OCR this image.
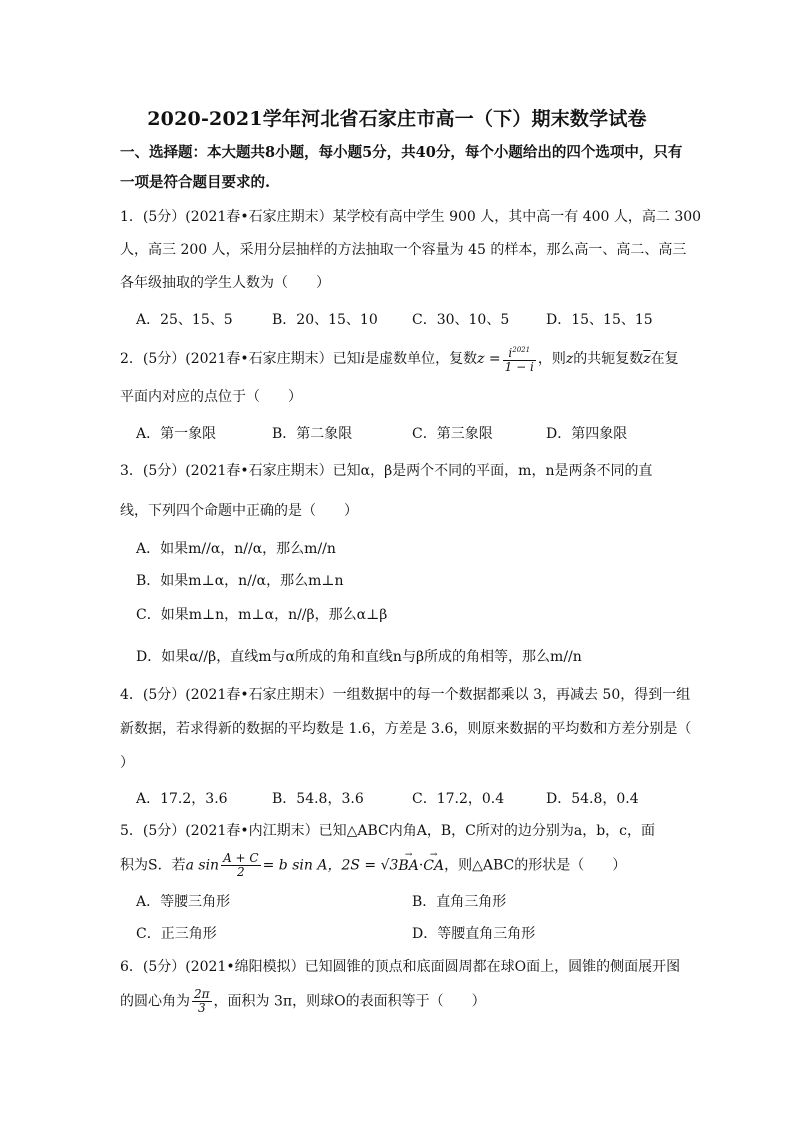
2020-2021学年河北省石家庄市高一（下）期末数学试卷
一、选择题：本大题共8小题，每小题5分，共40分，每个小题给出的四个选项中，只有
一项是符合题目要求的.
1．(5分）(2021春•石家庄期末）某学校有高中学生 900 人，其中高一有 400 人，高二 300
人，高三 200 人，采用分层抽样的方法抽取一个容量为 45 的样本，那么高一、高二、高三
各年级抽取的学生人数为（　　）
A．25、15、5	B．20、15、10 C．30、10、5	D．15、15、15
2．(5分）(2021春•石家庄期末）已知i是虚数单位，复数$z = \frac{i^{2021}}{1 - i}$ ，则z的共轭复数$\overline{z}$在复
平面内对应的点位于（　　）
A．第一象限	B．第二象限	C．第三象限	D．第四象限
3．(5分）(2021春•石家庄期末）已知α，β是两个不同的平面，m，n是两条不同的直
线，下列四个命题中正确的是（　　）
A．如果m//α，n//α，那么m//n
B．如果m⊥α，n//α，那么m⊥n
C．如果m⊥n，m⊥α，n//β，那么α⊥β
D．如果α//β，直线m与α所成的角和直线n与β所成的角相等，那么m//n
4．(5分）(2021春•石家庄期末）一组数据中的每一个数据都乘以 3，再减去 50，得到一组
新数据，若求得新的数据的平均数是 1.6，方差是 3.6，则原来数据的平均数和方差分别是（
）
A．17.2，3.6	B．54.8，3.6	C．17.2，0.4	D．54.8，0.4
5．(5分）(2021春•内江期末）已知△ABC内角A，B，C所对的边分别为a，b，c，面
积为S．若a $\sin \frac{A + C}{2} = b$ sin A，2S = √3→ BA·→ CA，则△ABC的形状是（　　）
A．等腰三角形	B．直角三角形
C．正三角形	D．等腰直角三角形
6．(5分）(2021•绵阳模拟）已知圆锥的顶点和底面圆周都在球O面上，圆锥的侧面展开图
的圆心角为 $\frac{2\pi}{3}$ ，面积为 3π，则球O的表面积等于（　　）
